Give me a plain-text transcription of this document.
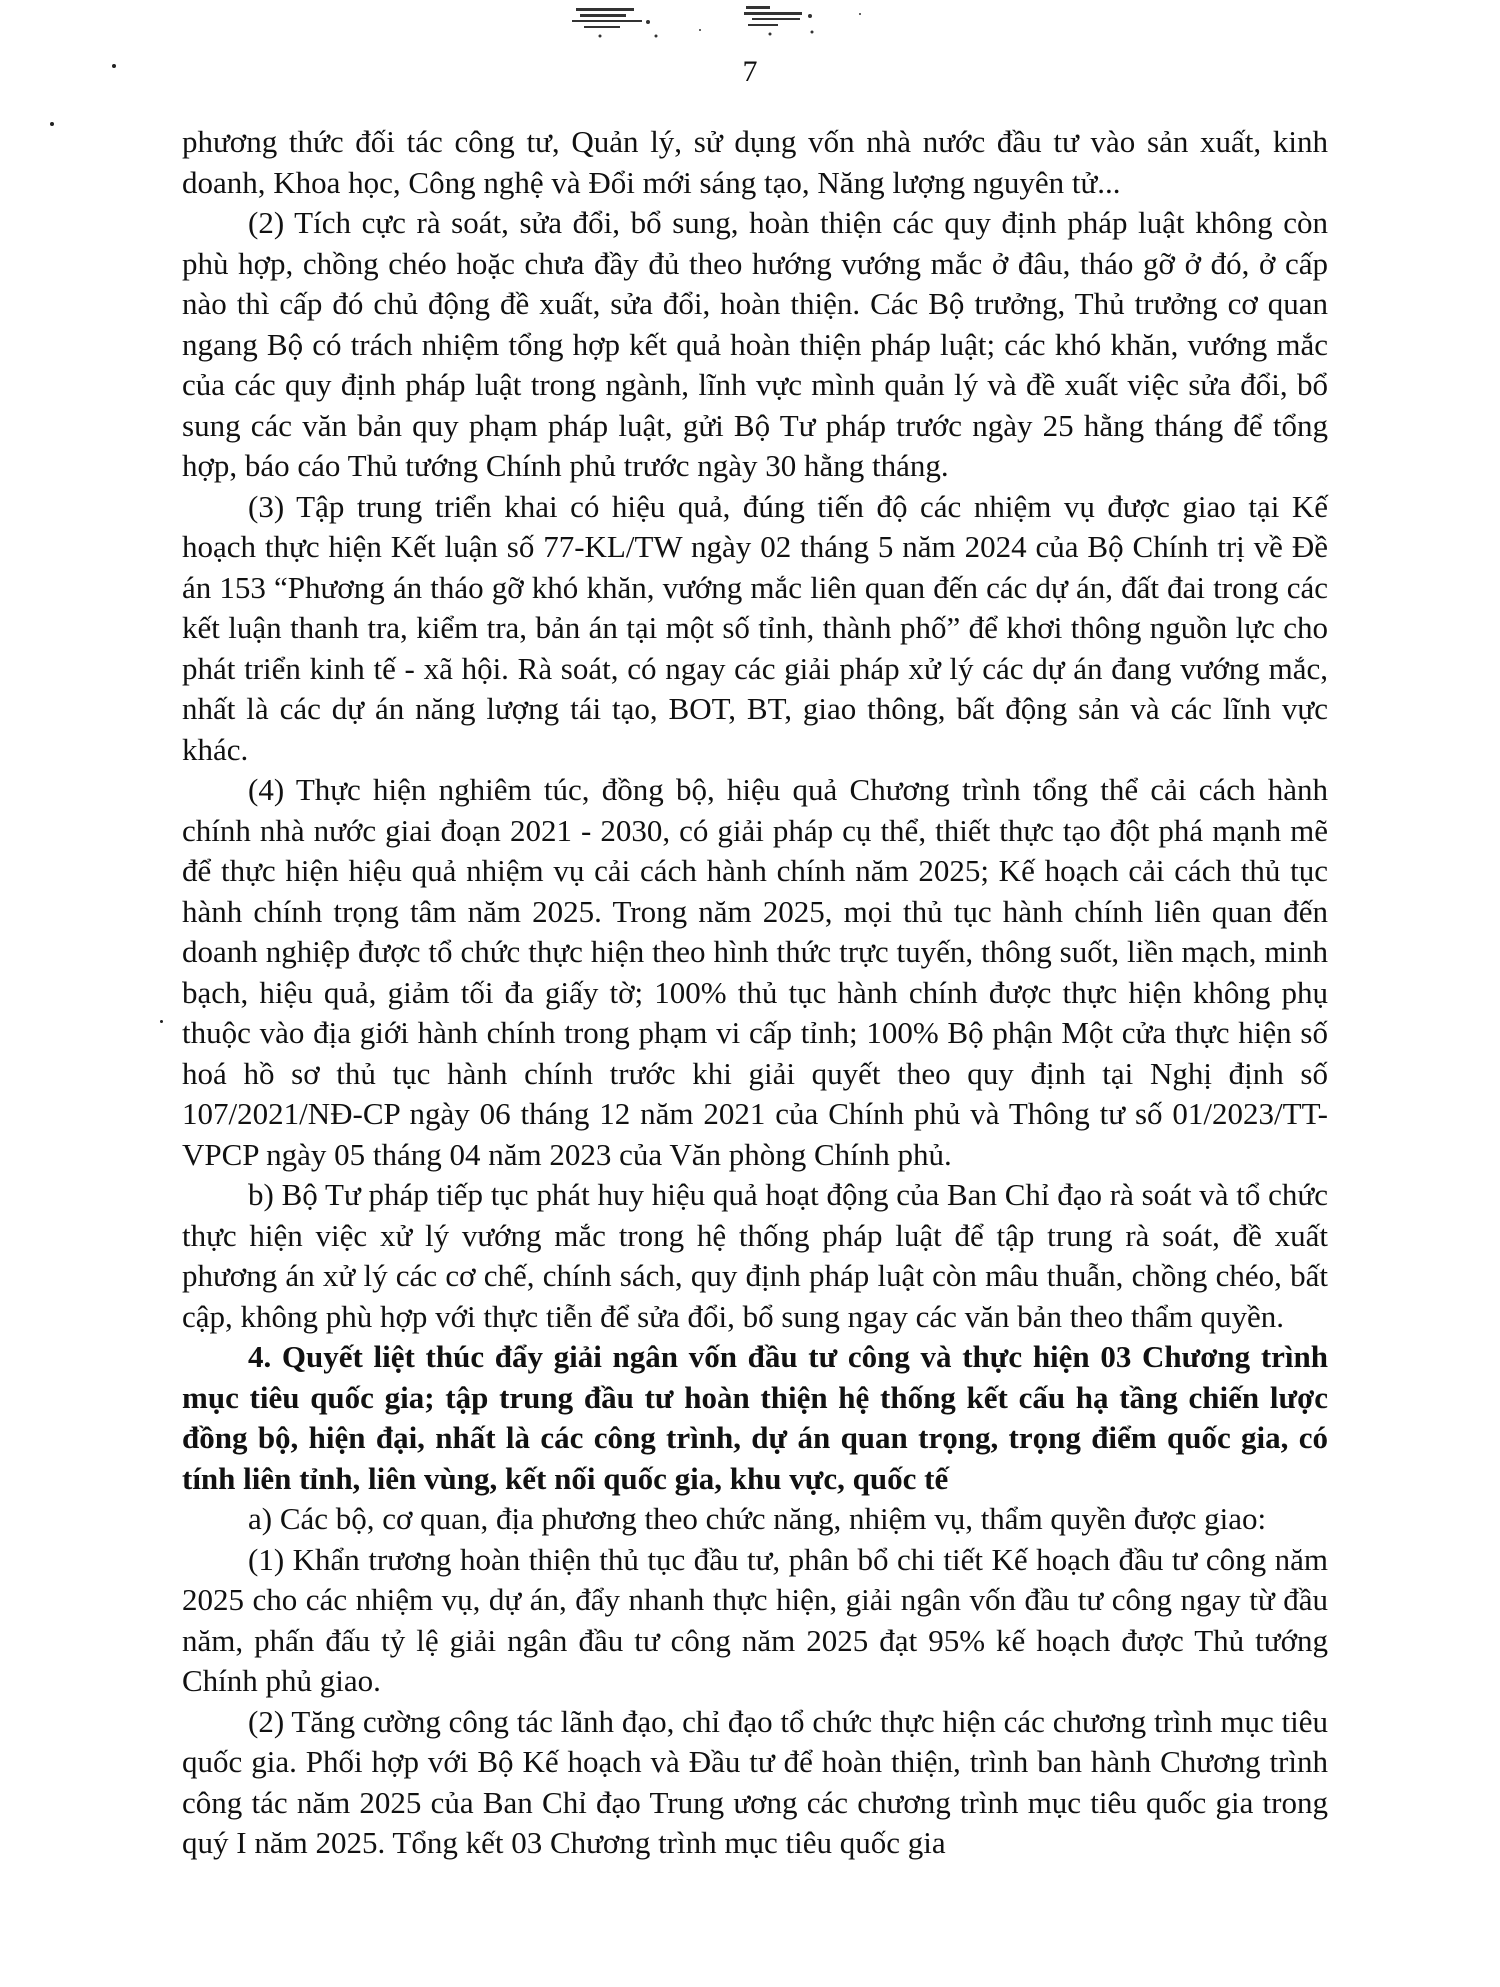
7

phương thức đối tác công tư, Quản lý, sử dụng vốn nhà nước đầu tư vào sản xuất, kinh doanh, Khoa học, Công nghệ và Đổi mới sáng tạo, Năng lượng nguyên tử...

(2) Tích cực rà soát, sửa đổi, bổ sung, hoàn thiện các quy định pháp luật không còn phù hợp, chồng chéo hoặc chưa đầy đủ theo hướng vướng mắc ở đâu, tháo gỡ ở đó, ở cấp nào thì cấp đó chủ động đề xuất, sửa đổi, hoàn thiện. Các Bộ trưởng, Thủ trưởng cơ quan ngang Bộ có trách nhiệm tổng hợp kết quả hoàn thiện pháp luật; các khó khăn, vướng mắc của các quy định pháp luật trong ngành, lĩnh vực mình quản lý và đề xuất việc sửa đổi, bổ sung các văn bản quy phạm pháp luật, gửi Bộ Tư pháp trước ngày 25 hằng tháng để tổng hợp, báo cáo Thủ tướng Chính phủ trước ngày 30 hằng tháng.

(3) Tập trung triển khai có hiệu quả, đúng tiến độ các nhiệm vụ được giao tại Kế hoạch thực hiện Kết luận số 77-KL/TW ngày 02 tháng 5 năm 2024 của Bộ Chính trị về Đề án 153 “Phương án tháo gỡ khó khăn, vướng mắc liên quan đến các dự án, đất đai trong các kết luận thanh tra, kiểm tra, bản án tại một số tỉnh, thành phố” để khơi thông nguồn lực cho phát triển kinh tế - xã hội. Rà soát, có ngay các giải pháp xử lý các dự án đang vướng mắc, nhất là các dự án năng lượng tái tạo, BOT, BT, giao thông, bất động sản và các lĩnh vực khác.

(4) Thực hiện nghiêm túc, đồng bộ, hiệu quả Chương trình tổng thể cải cách hành chính nhà nước giai đoạn 2021 - 2030, có giải pháp cụ thể, thiết thực tạo đột phá mạnh mẽ để thực hiện hiệu quả nhiệm vụ cải cách hành chính năm 2025; Kế hoạch cải cách thủ tục hành chính trọng tâm năm 2025. Trong năm 2025, mọi thủ tục hành chính liên quan đến doanh nghiệp được tổ chức thực hiện theo hình thức trực tuyến, thông suốt, liền mạch, minh bạch, hiệu quả, giảm tối đa giấy tờ; 100% thủ tục hành chính được thực hiện không phụ thuộc vào địa giới hành chính trong phạm vi cấp tỉnh; 100% Bộ phận Một cửa thực hiện số hoá hồ sơ thủ tục hành chính trước khi giải quyết theo quy định tại Nghị định số 107/2021/NĐ-CP ngày 06 tháng 12 năm 2021 của Chính phủ và Thông tư số 01/2023/TT-VPCP ngày 05 tháng 04 năm 2023 của Văn phòng Chính phủ.

b) Bộ Tư pháp tiếp tục phát huy hiệu quả hoạt động của Ban Chỉ đạo rà soát và tổ chức thực hiện việc xử lý vướng mắc trong hệ thống pháp luật để tập trung rà soát, đề xuất phương án xử lý các cơ chế, chính sách, quy định pháp luật còn mâu thuẫn, chồng chéo, bất cập, không phù hợp với thực tiễn để sửa đổi, bổ sung ngay các văn bản theo thẩm quyền.

4. Quyết liệt thúc đẩy giải ngân vốn đầu tư công và thực hiện 03 Chương trình mục tiêu quốc gia; tập trung đầu tư hoàn thiện hệ thống kết cấu hạ tầng chiến lược đồng bộ, hiện đại, nhất là các công trình, dự án quan trọng, trọng điểm quốc gia, có tính liên tỉnh, liên vùng, kết nối quốc gia, khu vực, quốc tế

a) Các bộ, cơ quan, địa phương theo chức năng, nhiệm vụ, thẩm quyền được giao:

(1) Khẩn trương hoàn thiện thủ tục đầu tư, phân bổ chi tiết Kế hoạch đầu tư công năm 2025 cho các nhiệm vụ, dự án, đẩy nhanh thực hiện, giải ngân vốn đầu tư công ngay từ đầu năm, phấn đấu tỷ lệ giải ngân đầu tư công năm 2025 đạt 95% kế hoạch được Thủ tướng Chính phủ giao.

(2) Tăng cường công tác lãnh đạo, chỉ đạo tổ chức thực hiện các chương trình mục tiêu quốc gia. Phối hợp với Bộ Kế hoạch và Đầu tư để hoàn thiện, trình ban hành Chương trình công tác năm 2025 của Ban Chỉ đạo Trung ương các chương trình mục tiêu quốc gia trong quý I năm 2025. Tổng kết 03 Chương trình mục tiêu quốc gia
